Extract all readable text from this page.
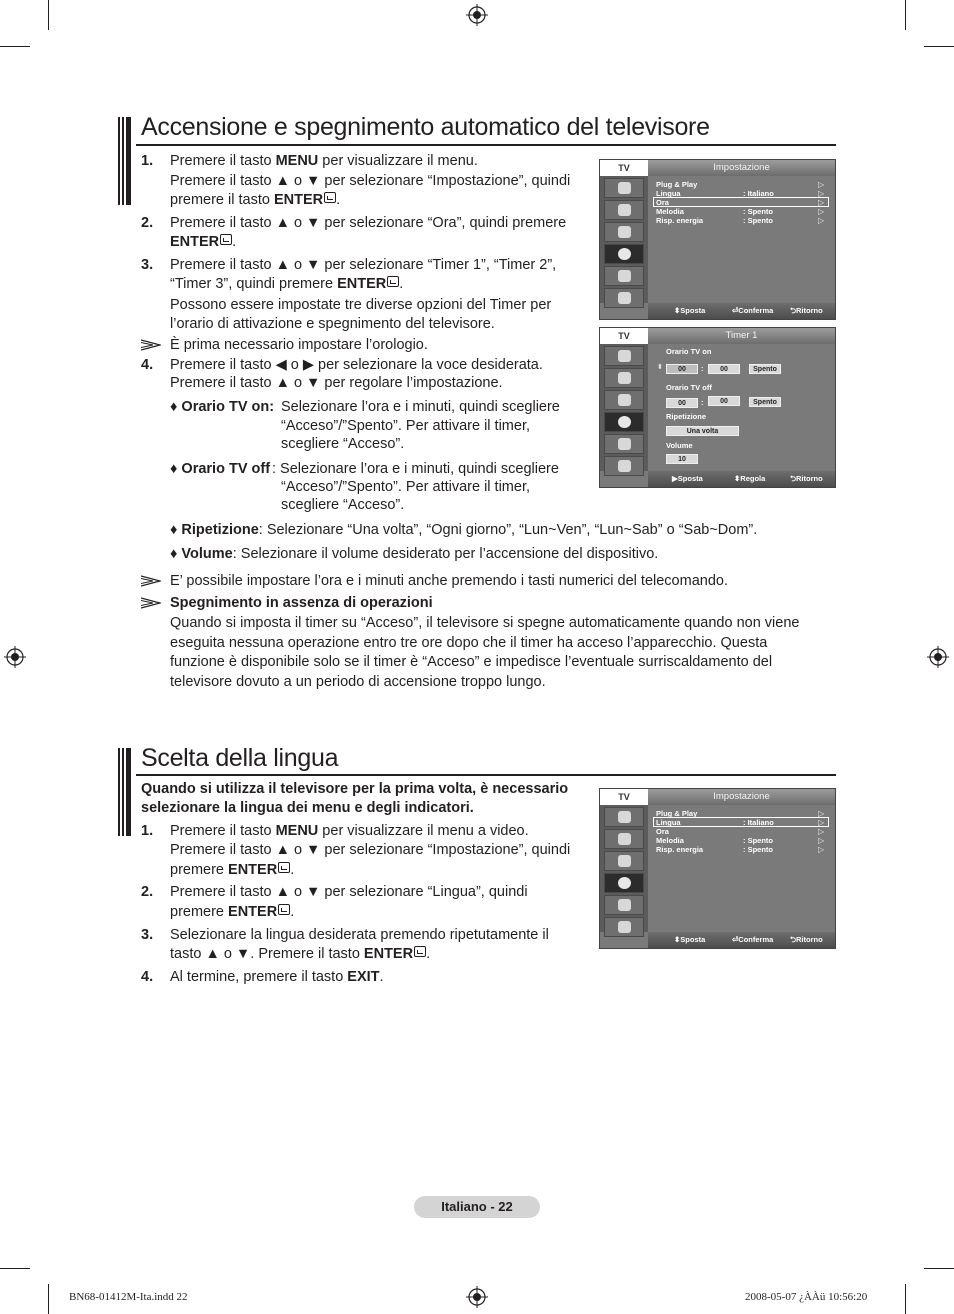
Accensione e spegnimento automatico del televisore
1. Premere il tasto MENU per visualizzare il menu.
Premere il tasto ▲ o ▼ per selezionare “Impostazione”, quindi
premere il tasto ENTER .
2. Premere il tasto ▲ o ▼ per selezionare “Ora”, quindi premere
ENTER .
3. Premere il tasto ▲ o ▼ per selezionare “Timer 1”, “Timer 2”,
“Timer 3”, quindi premere ENTER .
Possono essere impostate tre diverse opzioni del Timer per
l’orario di attivazione e spegnimento del televisore.
È prima necessario impostare l’orologio.
4. Premere il tasto ◀ o ▶ per selezionare la voce desiderata.
Premere il tasto ▲ o ▼ per regolare l’impostazione.
♦ Orario TV on: Selezionare l’ora e i minuti, quindi scegliere
“Acceso”/”Spento”. Per attivare il timer,
scegliere “Acceso”.
♦ Orario TV off : Selezionare l’ora e i minuti, quindi scegliere
“Acceso”/”Spento”. Per attivare il timer,
scegliere “Acceso”.
♦ Ripetizione: Selezionare “Una volta”, “Ogni giorno”, “Lun~Ven”, “Lun~Sab” o “Sab~Dom”.
♦ Volume: Selezionare il volume desiderato per l’accensione del dispositivo.
E’ possibile impostare l’ora e i minuti anche premendo i tasti numerici del telecomando.
Spegnimento in assenza di operazioni
Quando si imposta il timer su “Acceso”, il televisore si spegne automaticamente quando non viene
eseguita nessuna operazione entro tre ore dopo che il timer ha acceso l’apparecchio. Questa
funzione è disponibile solo se il timer è “Acceso” e impedisce l’eventuale surriscaldamento del
televisore dovuto a un periodo di accensione troppo lungo.
TV	Impostazione
Plug & Play	▷
Lingua	: Italiano	▷
Ora	▷
Melodia	: Spento	▷
Risp. energia	: Spento	▷
⬍ Sposta	⏎ Conferma ⮌ Ritorno
TV	Timer 1
Orario TV on
⬍	00	:	00	Spento
Orario TV off
00	:	00	Spento
Ripetizione
Una volta
Volume
10
▶ Sposta	⬍ Regola	⮌ Ritorno
Scelta della lingua
Quando si utilizza il televisore per la prima volta, è necessario
selezionare la lingua dei menu e degli indicatori.
1. Premere il tasto MENU per visualizzare il menu a video.
Premere il tasto ▲ o ▼ per selezionare “Impostazione”, quindi
premere ENTER .
2. Premere il tasto ▲ o ▼ per selezionare “Lingua”, quindi
premere ENTER .
3. Selezionare la lingua desiderata premendo ripetutamente il
tasto ▲ o ▼. Premere il tasto ENTER .
4. Al termine, premere il tasto EXIT.
TV	Impostazione
Plug & Play	▷
Lingua	: Italiano	▷
Ora	▷
Melodia	: Spento	▷
Risp. energia	: Spento	▷
⬍ Sposta	⏎ Conferma ⮌ Ritorno
Italiano - 22
BN68-01412M-Ita.indd 22	2008-05-07 ¿ÀÀü 10:56:20
